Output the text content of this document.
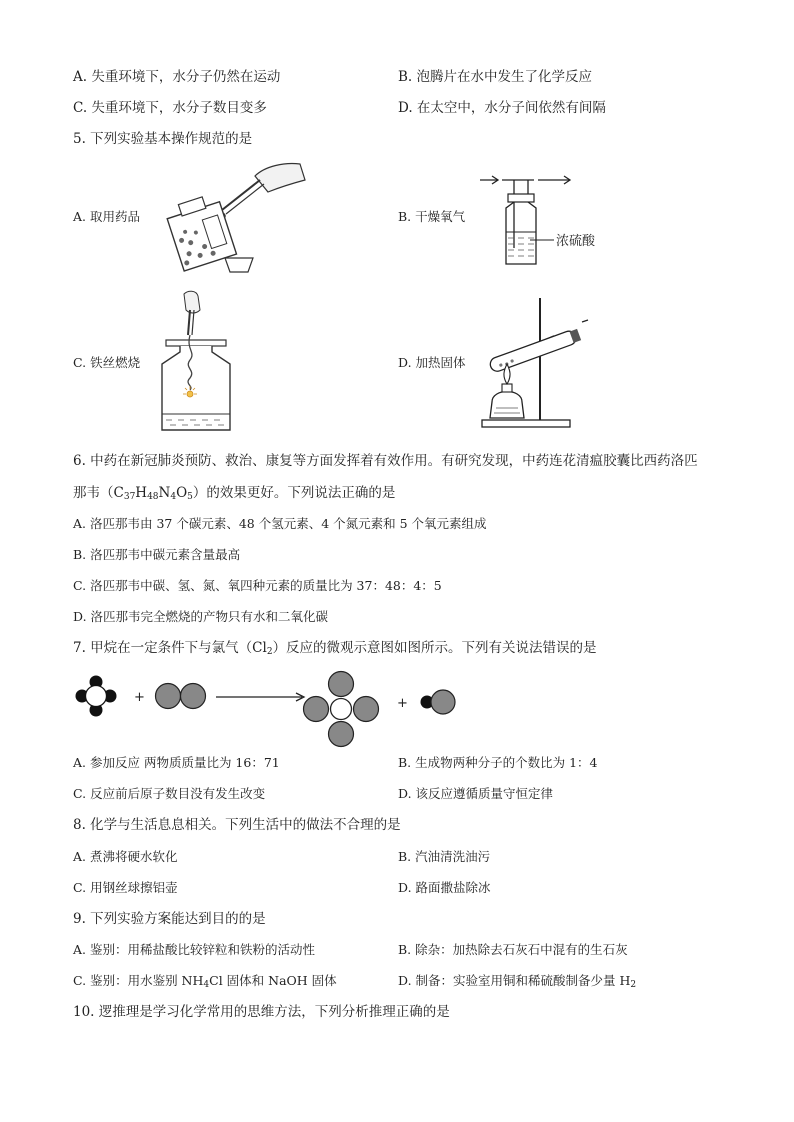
A. 失重环境下，水分子仍然在运动	B. 泡腾片在水中发生了化学反应
C. 失重环境下，水分子数目变多	D. 在太空中，水分子间依然有间隔
5. 下列实验基本操作规范的是
A. 取用药品	B. 干燥氧气
浓硫酸
C. 铁丝燃烧	D. 加热固体
6. 中药在新冠肺炎预防、救治、康复等方面发挥着有效作用。有研究发现，中药连花清瘟胶囊比西药洛匹
那韦$(C_{37}H_{48}N_4O_5)$的效果更好。下列说法正确的是
A. 洛匹那韦由 37 个碳元素、48 个氢元素、4 个氮元素和 5 个氧元素组成
B. 洛匹那韦中碳元素含量最高
C. 洛匹那韦中碳、氢、氮、氧四种元素的质量比为 37：48：4：5
D. 洛匹那韦完全燃烧的产物只有水和二氧化碳
7. 甲烷在一定条件下与氯气$(Cl_2)$反应的微观示意图如图所示。下列有关说法错误的是
+	+
A. 参加反应 两物质质量比为 16：71	B. 生成物两种分子的个数比为 1：4
C. 反应前后原子数目没有发生改变	D. 该反应遵循质量守恒定律
8. 化学与生活息息相关。下列生活中的做法不合理的是
A. 煮沸将硬水软化	B. 汽油清洗油污
C. 用钢丝球擦铝壶	D. 路面撒盐除冰
9. 下列实验方案能达到目的的是
A. 鉴别：用稀盐酸比较锌粒和铁粉的活动性	B. 除杂：加热除去石灰石中混有的生石灰
C. 鉴别：用水鉴别 $NH_4Cl$ 固体和 NaOH 固体	D. 制备：实验室用铜和稀硫酸制备少量 $H_2$
10. 逻推理是学习化学常用的思维方法，下列分析推理正确的是
